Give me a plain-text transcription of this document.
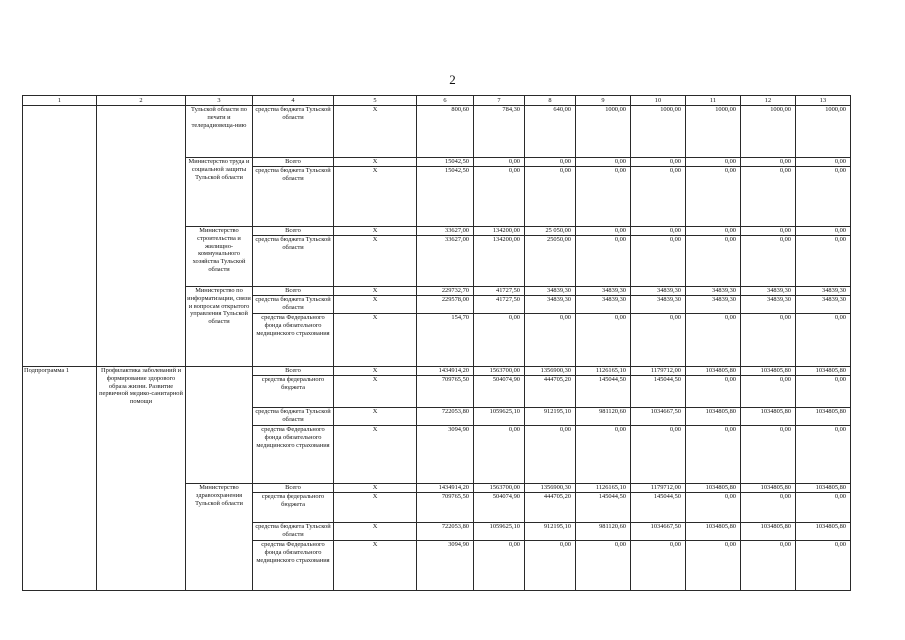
2
1	2	3	4	5	6	7	8	9	10	11	12	13
		Тульской области по печати и телерадиовеща-нию	средства бюджета Тульской области	X	800,60	784,30	640,00	1000,00	1000,00	1000,00	1000,00	1000,00
		Министерство труда и социальной защиты Тульской области	Всего	X	15042,50	0,00	0,00	0,00	0,00	0,00	0,00	0,00
			средства бюджета Тульской области	X	15042,50	0,00	0,00	0,00	0,00	0,00	0,00	0,00
		Министерство строительства и жилищно-коммунального хозяйства Тульской области	Всего	X	33627,00	134200,00	25 050,00	0,00	0,00	0,00	0,00	0,00
			средства бюджета Тульской области	X	33627,00	134200,00	25050,00	0,00	0,00	0,00	0,00	0,00
		Министерство по информатизации, связи и вопросам открытого управления Тульской области	Всего	X	229732,70	41727,50	34839,30	34839,30	34839,30	34839,30	34839,30	34839,30
			средства бюджета Тульской области	X	229578,00	41727,50	34839,30	34839,30	34839,30	34839,30	34839,30	34839,30
			средства Федерального фонда обязательного медицинского страхования	X	154,70	0,00	0,00	0,00	0,00	0,00	0,00	0,00
Подпрограмма 1	Профилактика заболеваний и формирование здорового образа жизни. Развитие первичной медико-санитарной помощи		Всего	X	1434914,20	1563700,00	1356900,30	1126165,10	1179712,00	1034805,80	1034805,80	1034805,80
			средства федерального бюджета	X	709765,50	504074,90	444705,20	145044,50	145044,50	0,00	0,00	0,00
			средства бюджета Тульской области	X	722053,80	1059625,10	912195,10	981120,60	1034667,50	1034805,80	1034805,80	1034805,80
			средства Федерального фонда обязательного медицинского страхования	X	3094,90	0,00	0,00	0,00	0,00	0,00	0,00	0,00
		Министерство здравоохранения Тульской области	Всего	X	1434914,20	1563700,00	1356900,30	1126165,10	1179712,00	1034805,80	1034805,80	1034805,80
			средства федерального бюджета	X	709765,50	504074,90	444705,20	145044,50	145044,50	0,00	0,00	0,00
			средства бюджета Тульской области	X	722053,80	1059625,10	912195,10	981120,60	1034667,50	1034805,80	1034805,80	1034805,80
			средства Федерального фонда обязательного медицинского страхования	X	3094,90	0,00	0,00	0,00	0,00	0,00	0,00	0,00
